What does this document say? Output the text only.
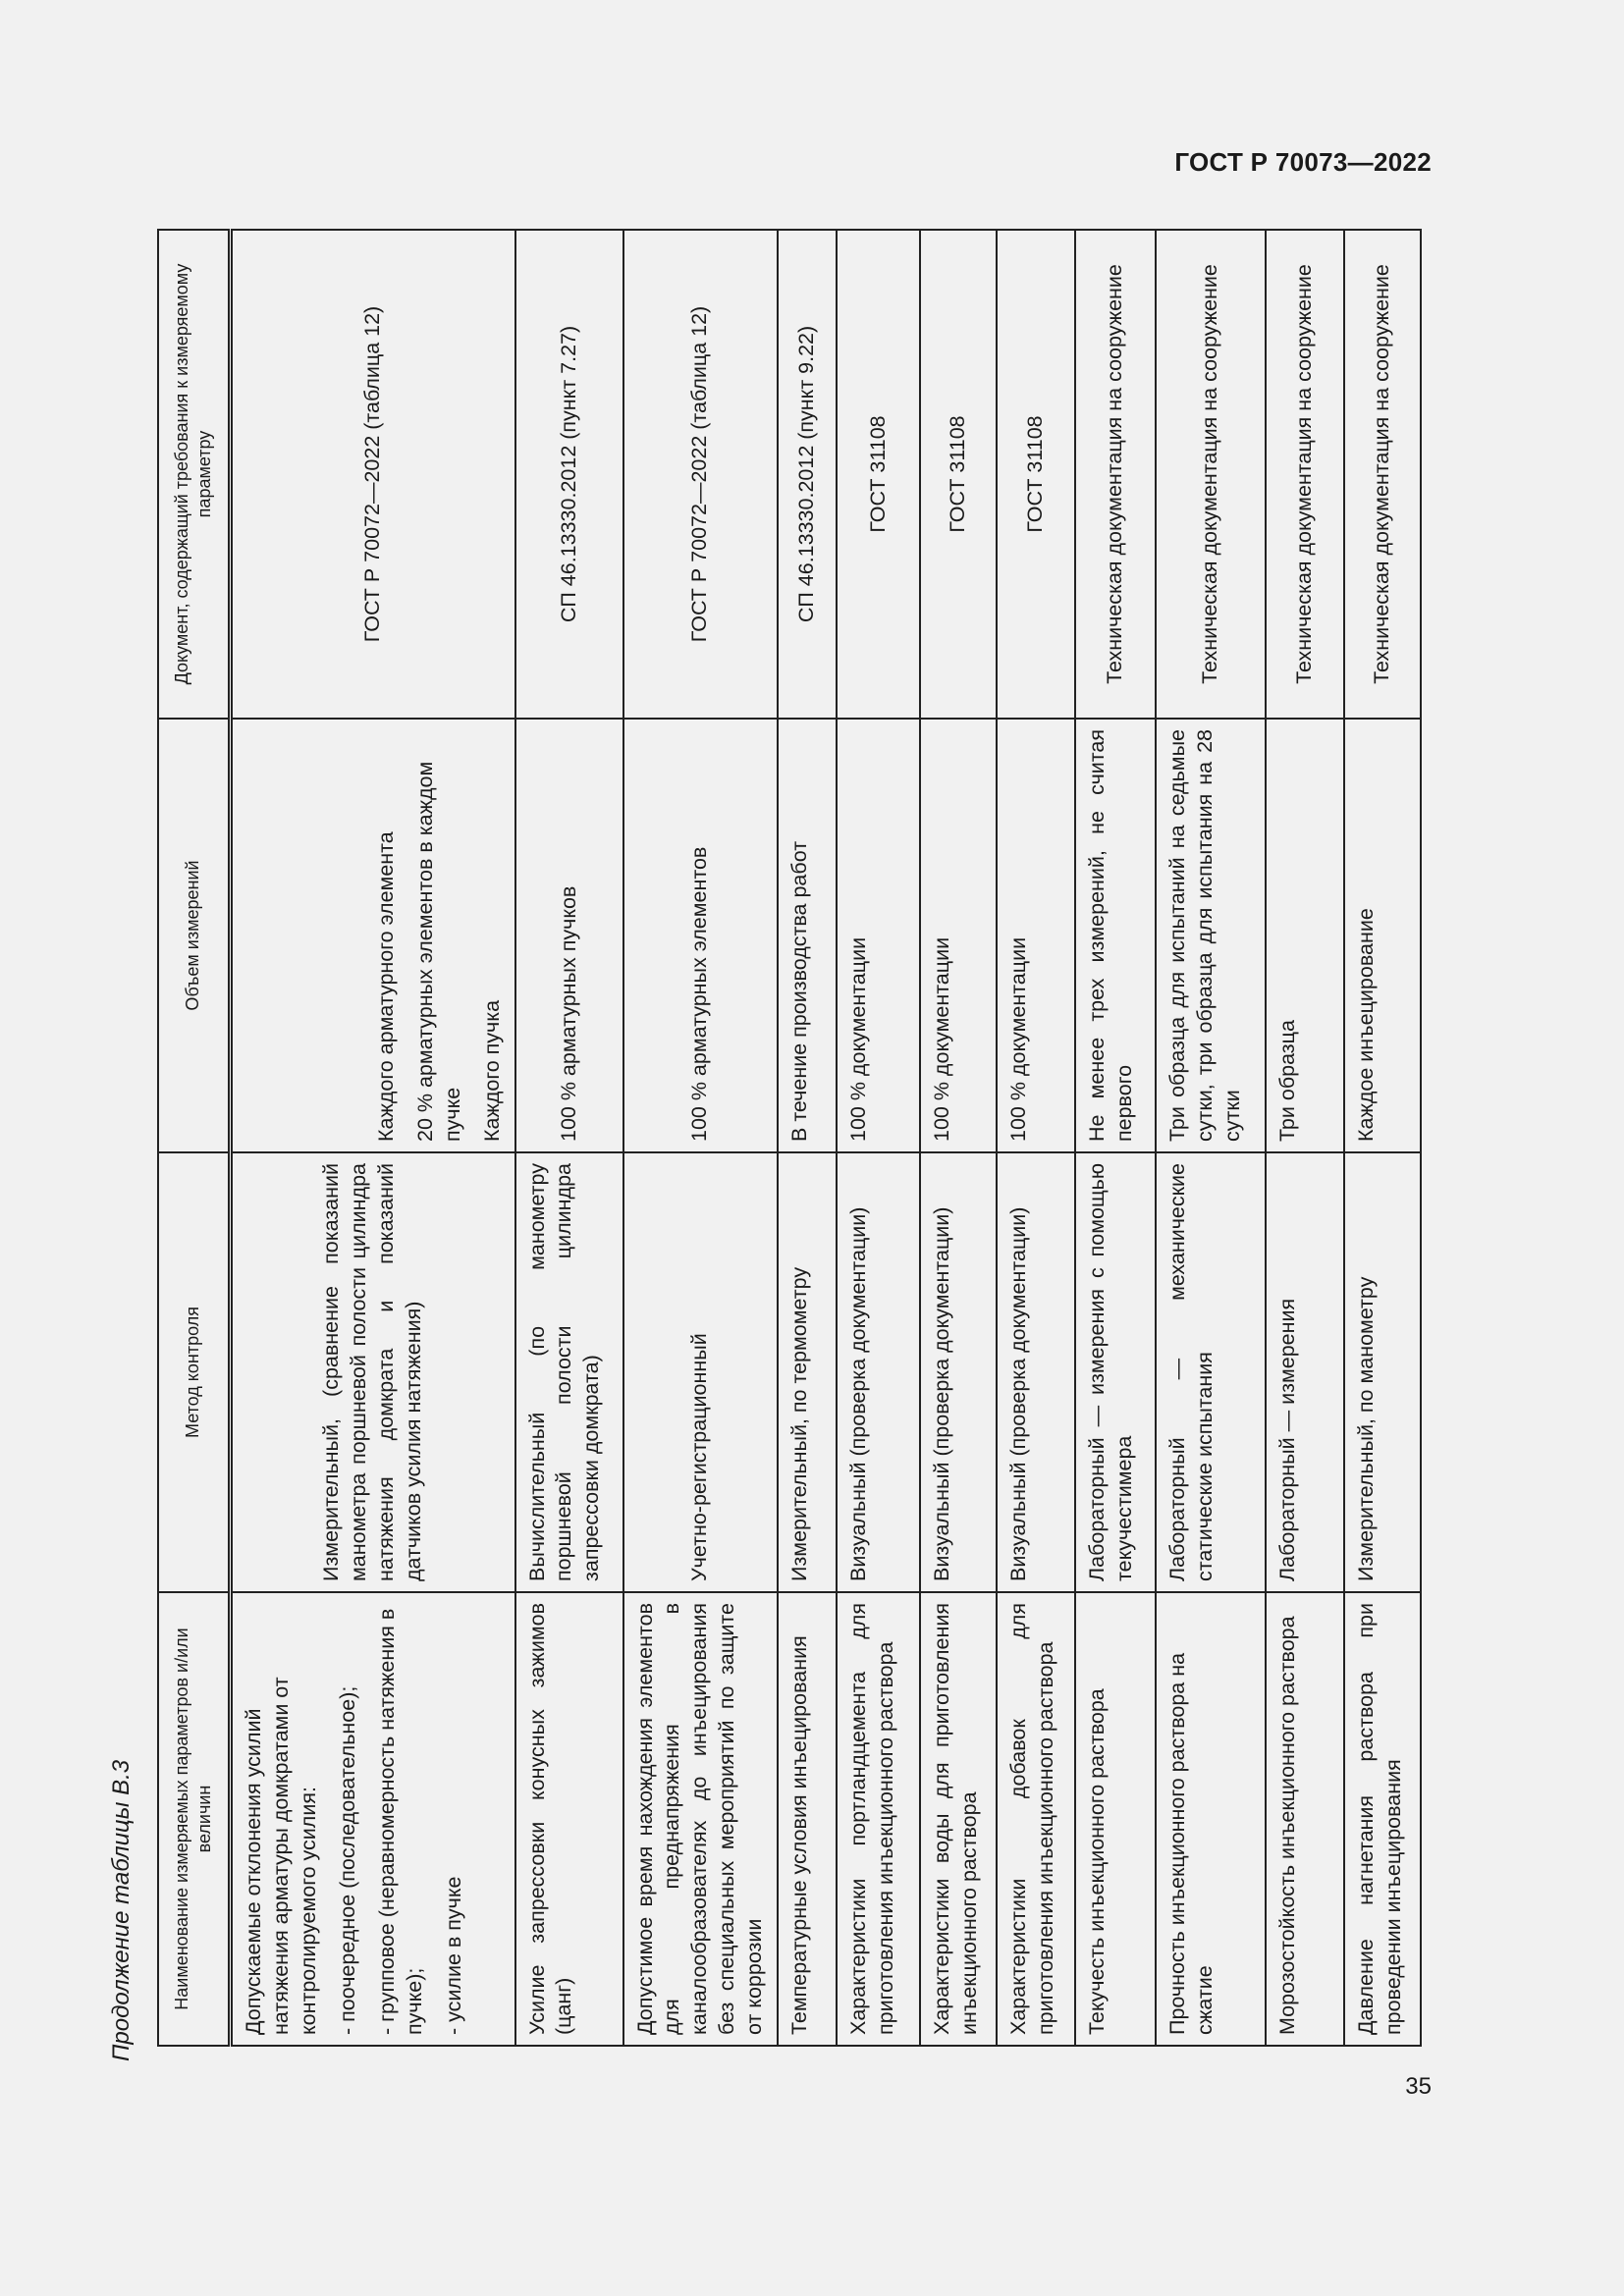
ГОСТ Р 70073—2022
Продолжение таблицы В.3 Наименование измеряемых параметров и/или величин	Метод контроля	Объем измерений	Документ, содержащий требования к измеряемому параметру

Допускаемые отклонения усилий натяжения арматуры домкратами от контролируемого усилия: - поочередное (последовательное); - групповое (неравномерность натяжения в пучке); - усилие в пучке	Измерительный, (сравнение показаний манометра поршневой полости цилиндра натяжения домкрата и показаний датчиков усилия натяжения)	Каждого арматурного элемента 20 % арматурных элементов в каждом пучке Каждого пучка	ГОСТ Р 70072—2022 (таблица 12)
Усилие запрессовки конусных зажимов (цанг)	Вычислительный (по манометру поршневой полости цилиндра запрессовки домкрата)	100 % арматурных пучков	СП 46.13330.2012 (пункт 7.27)
Допустимое время нахождения элементов для преднапряжения в каналообразователях до инъецирования без специальных мероприятий по защите от коррозии	Учетно-регистрационный	100 % арматурных элементов	ГОСТ Р 70072—2022 (таблица 12)
Температурные условия инъецирования	Измерительный, по термометру	В течение производства работ	СП 46.13330.2012 (пункт 9.22)
Характеристики портландцемента для приготовления инъекционного раствора	Визуальный (проверка документации)	100 % документации	ГОСТ 31108
Характеристики воды для приготовления инъекционного раствора	Визуальный (проверка документации)	100 % документации	ГОСТ 31108
Характеристики добавок для приготовления инъекционного раствора	Визуальный (проверка документации)	100 % документации	ГОСТ 31108
Текучесть инъекционного раствора	Лабораторный — измерения с помощью текучестимера	Не менее трех измерений, не считая первого	Техническая документация на сооружение
Прочность инъекционного раствора на сжатие	Лабораторный — механические статические испытания	Три образца для испытаний на седьмые сутки, три образца для испытания на 28 сутки	Техническая документация на сооружение
Морозостойкость инъекционного раствора	Лабораторный — измерения	Три образца	Техническая документация на сооружение
Давление нагнетания раствора при проведении инъецирования	Измерительный, по манометру	Каждое инъецирование	Техническая документация на сооружение
35
